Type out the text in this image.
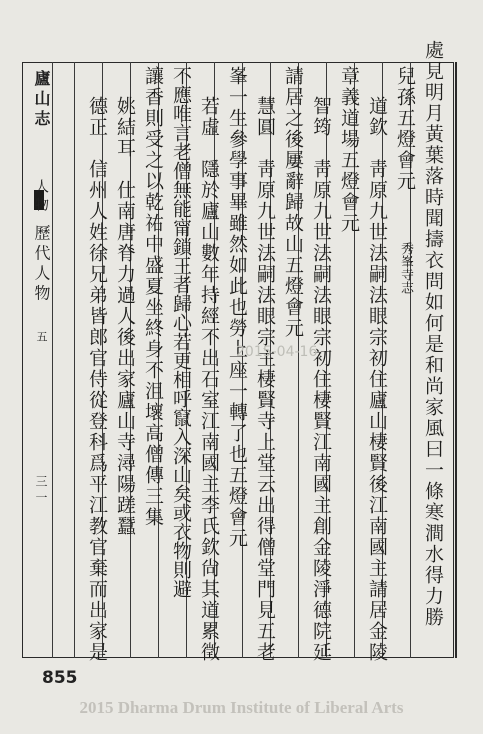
處見明月黃葉落時聞擣衣問如何是和尚家風曰一條寒澗水得力勝
兒孫五燈會元秀峯寺志
道欽　靑原九世法嗣法眼宗初住廬山棲賢後江南國主請居金陵
章義道場五燈會元
智筠　靑原九世法嗣法眼宗初住棲賢江南國主創金陵淨德院延
請居之後屢辭歸故山五燈會元
慧圓　靑原九世法嗣法眼宗主棲賢寺上堂云出得僧堂門見五老
峯一生參學事畢雖然如此也勞上座一轉了也五燈會元
若虛　隱於廬山數年持經不出石室江南國主李氏欽尙其道累徵
不應唯言老僧無能甯鎖王者歸心若更相呼竄入深山矣或衣物則避
讓香則受之以乾祐中盛夏坐終身不沮壞高僧傳三集
姚結耳　仕南唐脊力過人後出家廬山寺潯陽蹉蠶
德正　信州人姓徐兄弟皆郎官侍從登科爲平江教官棄而出家是
廬山志 人物 歷代人物 五 三一
2015-04-16
855
2015 Dharma Drum Institute of Liberal Arts
